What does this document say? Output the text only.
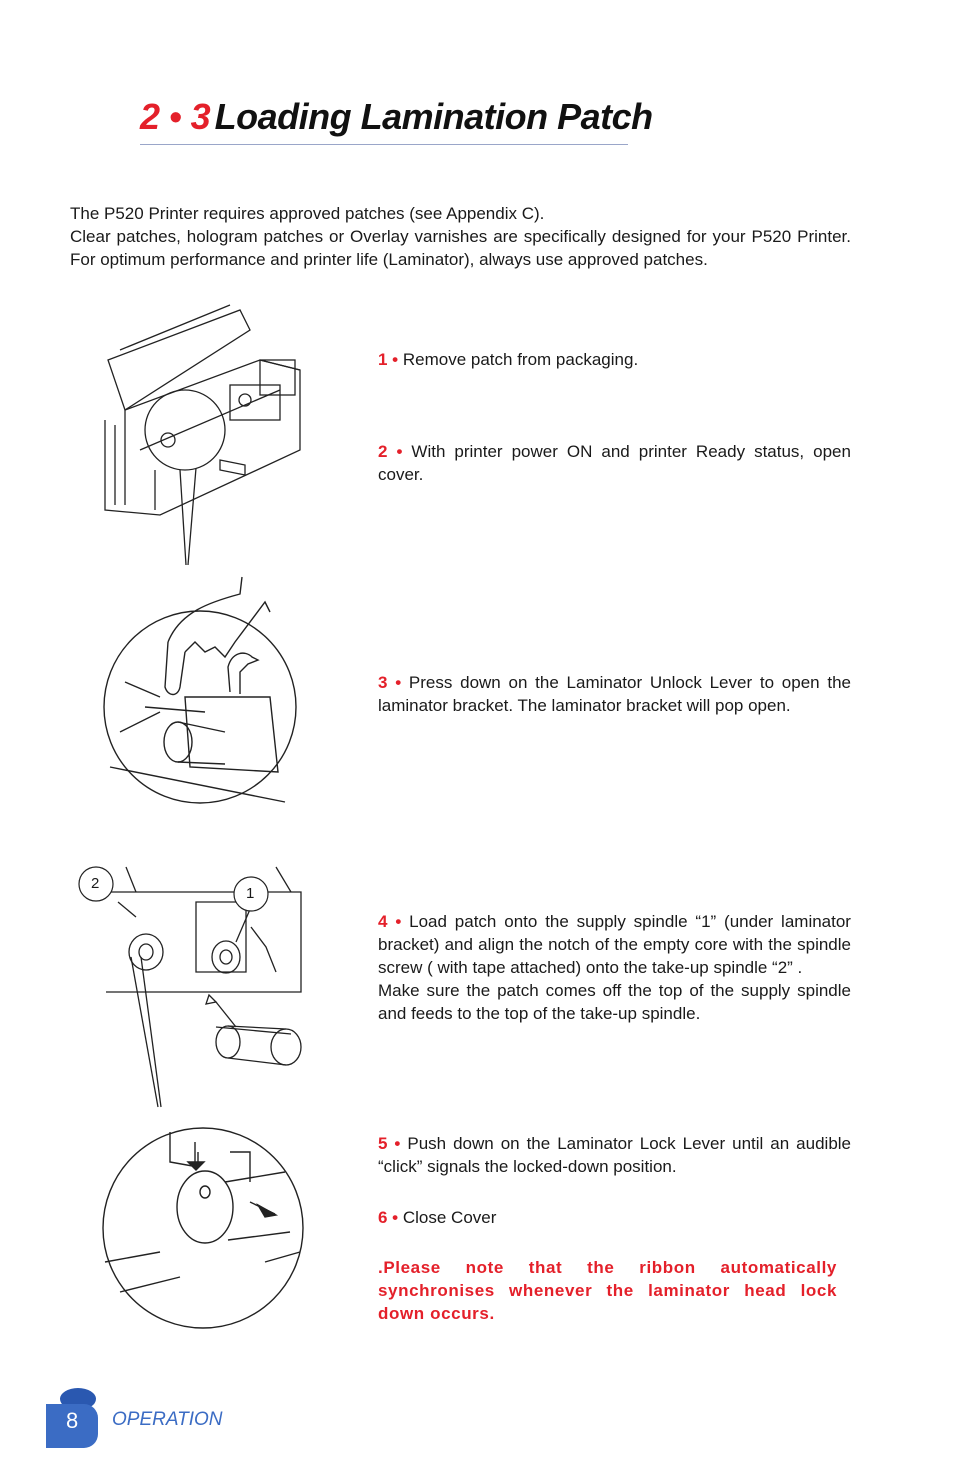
2 • 3 Loading Lamination Patch

The P520 Printer requires approved patches (see Appendix C).

Clear patches, hologram patches or Overlay varnishes are specifically designed for your P520 Printer. For optimum performance and printer life (Laminator), always use approved patches.

1 • Remove patch from packaging.
2 • With printer power ON and printer Ready status, open cover.
3 • Press down on the Laminator Unlock Lever to open the laminator bracket. The laminator bracket will pop open.
4 • Load patch onto the supply spindle “1” (under laminator bracket) and align the notch of the empty core with the spindle screw ( with tape attached) onto the take-up spindle “2” .
Make sure the patch comes off the top of the supply spindle and feeds to the top of the take-up spindle.
5 • Push down on the Laminator Lock Lever until an audible “click” signals the locked-down position.
6 • Close Cover
.Please note that the ribbon automatically synchronises whenever the laminator head lock down occurs.
2
1
8 OPERATION
